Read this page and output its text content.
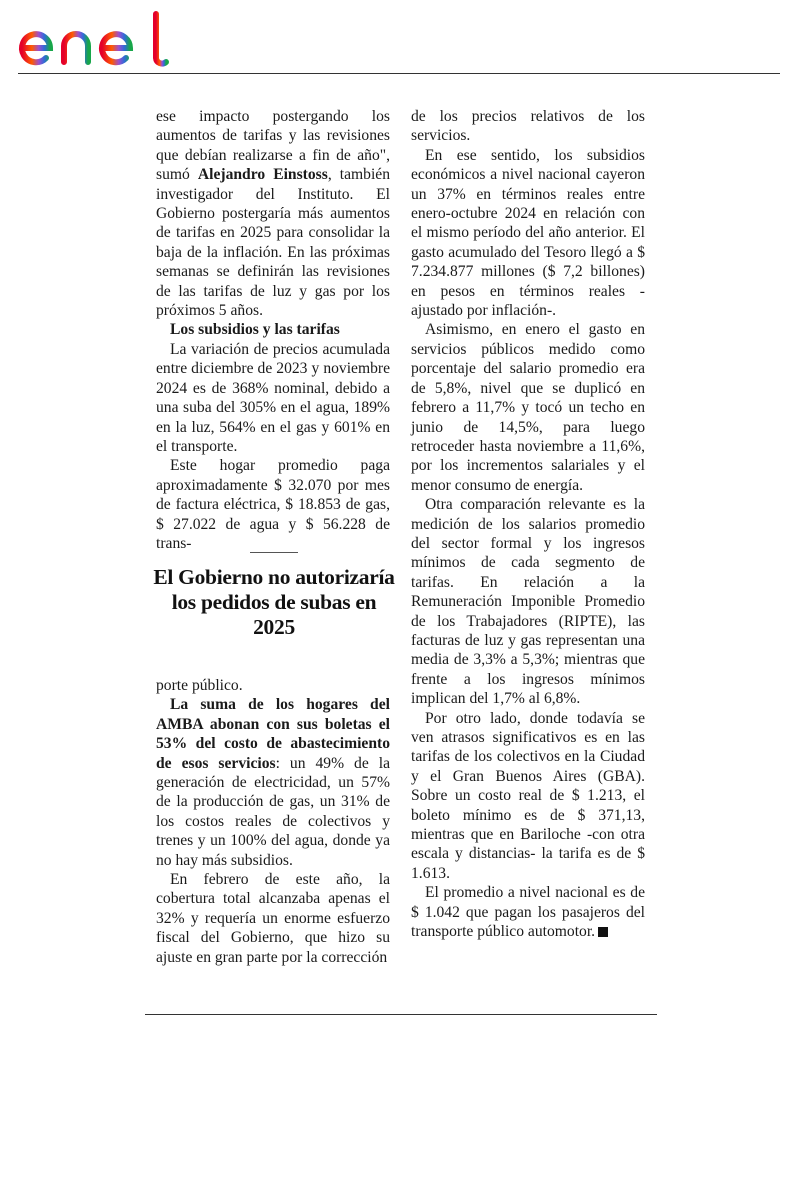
ese impacto postergando los aumentos de tarifas y las revisiones que debían realizarse a fin de año", sumó Alejandro Einstoss, también investigador del Instituto. El Gobierno postergaría más aumentos de tarifas en 2025 para consolidar la baja de la inflación. En las próximas semanas se definirán las revisiones de las tarifas de luz y gas por los próximos 5 años.

Los subsidios y las tarifas

La variación de precios acumulada entre diciembre de 2023 y noviembre 2024 es de 368% nominal, debido a una suba del 305% en el agua, 189% en la luz, 564% en el gas y 601% en el transporte.

Este hogar promedio paga aproximadamente $ 32.070 por mes de factura eléctrica, $ 18.853 de gas, $ 27.022 de agua y $ 56.228 de trans-

El Gobierno no autorizaría los pedidos de subas en 2025

porte público.

La suma de los hogares del AMBA abonan con sus boletas el 53% del costo de abastecimiento de esos servicios: un 49% de la generación de electricidad, un 57% de la producción de gas, un 31% de los costos reales de colectivos y trenes y un 100% del agua, donde ya no hay más subsidios.

En febrero de este año, la cobertura total alcanzaba apenas el 32% y requería un enorme esfuerzo fiscal del Gobierno, que hizo su ajuste en gran parte por la corrección

de los precios relativos de los servicios.

En ese sentido, los subsidios económicos a nivel nacional cayeron un 37% en términos reales entre enero-octubre 2024 en relación con el mismo período del año anterior. El gasto acumulado del Tesoro llegó a $ 7.234.877 millones ($ 7,2 billones) en pesos en términos reales - ajustado por inflación-.

Asimismo, en enero el gasto en servicios públicos medido como porcentaje del salario promedio era de 5,8%, nivel que se duplicó en febrero a 11,7% y tocó un techo en junio de 14,5%, para luego retroceder hasta noviembre a 11,6%, por los incrementos salariales y el menor consumo de energía.

Otra comparación relevante es la medición de los salarios promedio del sector formal y los ingresos mínimos de cada segmento de tarifas. En relación a la Remuneración Imponible Promedio de los Trabajadores (RIPTE), las facturas de luz y gas representan una media de 3,3% a 5,3%; mientras que frente a los ingresos mínimos implican del 1,7% al 6,8%.

Por otro lado, donde todavía se ven atrasos significativos es en las tarifas de los colectivos en la Ciudad y el Gran Buenos Aires (GBA). Sobre un costo real de $ 1.213, el boleto mínimo es de $ 371,13, mientras que en Bariloche -con otra escala y distancias- la tarifa es de $ 1.613.

El promedio a nivel nacional es de $ 1.042 que pagan los pasajeros del transporte público automotor.
